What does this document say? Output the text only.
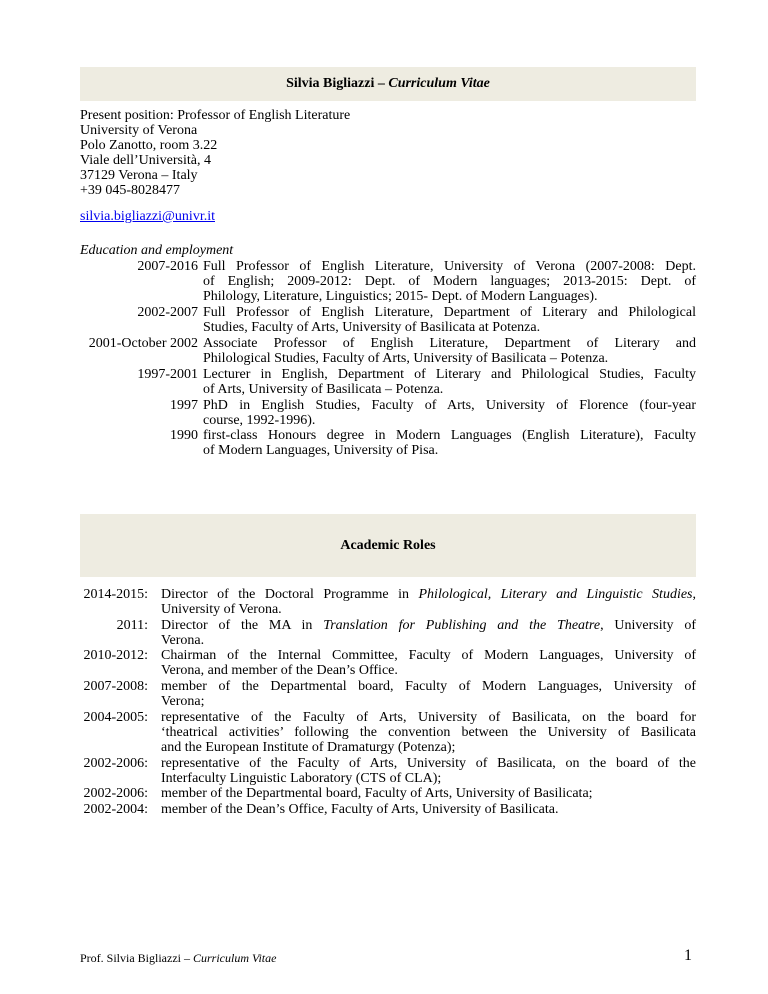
Silvia Bigliazzi – Curriculum Vitae
Present position: Professor of English Literature
University of Verona
Polo Zanotto, room 3.22
Viale dell’Università, 4
37129 Verona – Italy
+39 045-8028477
silvia.bigliazzi@univr.it
Education and employment
2007-2016 Full Professor of English Literature, University of Verona (2007-2008: Dept.
of English; 2009-2012: Dept. of Modern languages; 2013-2015: Dept. of
Philology, Literature, Linguistics; 2015- Dept. of Modern Languages).
2002-2007 Full Professor of English Literature, Department of Literary and Philological
Studies, Faculty of Arts, University of Basilicata at Potenza.
2001-October 2002 Associate Professor of English Literature, Department of Literary and
Philological Studies, Faculty of Arts, University of Basilicata – Potenza.
1997-2001 Lecturer in English, Department of Literary and Philological Studies, Faculty
of Arts, University of Basilicata – Potenza.
1997 PhD in English Studies, Faculty of Arts, University of Florence (four-year
course, 1992-1996).
1990 first-class Honours degree in Modern Languages (English Literature), Faculty
of Modern Languages, University of Pisa.
Academic Roles
2014-2015: Director of the Doctoral Programme in Philological, Literary and Linguistic Studies,
University of Verona.
2011: Director of the MA in Translation for Publishing and the Theatre, University of
Verona.
2010-2012: Chairman of the Internal Committee, Faculty of Modern Languages, University of
Verona, and member of the Dean’s Office.
2007-2008: member of the Departmental board, Faculty of Modern Languages, University of
Verona;
2004-2005: representative of the Faculty of Arts, University of Basilicata, on the board for
‘theatrical activities’ following the convention between the University of Basilicata
and the European Institute of Dramaturgy (Potenza);
2002-2006: representative of the Faculty of Arts, University of Basilicata, on the board of the
Interfaculty Linguistic Laboratory (CTS of CLA);
2002-2006: member of the Departmental board, Faculty of Arts, University of Basilicata;
2002-2004: member of the Dean’s Office, Faculty of Arts, University of Basilicata.
Prof. Silvia Bigliazzi – Curriculum Vitae	1
